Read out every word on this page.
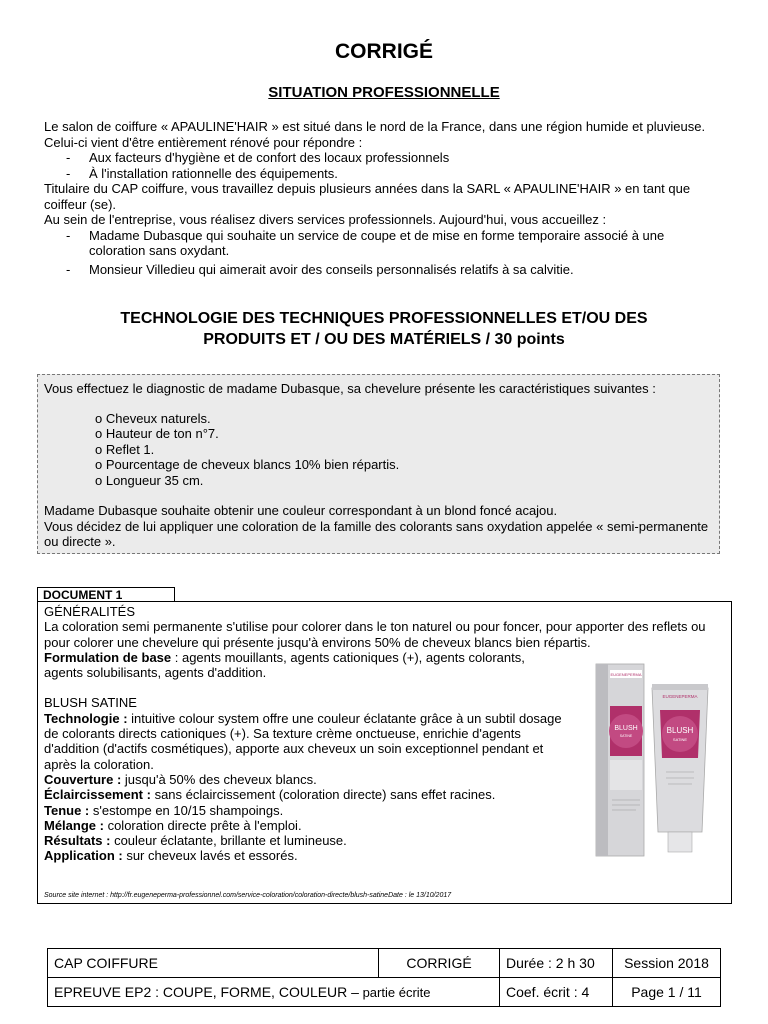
CORRIGÉ
SITUATION PROFESSIONNELLE

Le salon de coiffure « APAULINE'HAIR » est situé dans le nord de la France, dans une région humide et pluvieuse. Celui-ci vient d'être entièrement rénové pour répondre :

- Aux facteurs d'hygiène et de confort des locaux professionnels
- À l'installation rationnelle des équipements.

Titulaire du CAP coiffure, vous travaillez depuis plusieurs années dans la SARL « APAULINE'HAIR » en tant que coiffeur (se).

Au sein de l'entreprise, vous réalisez divers services professionnels. Aujourd'hui, vous accueillez :

- Madame Dubasque qui souhaite un service de coupe et de mise en forme temporaire associé à une coloration sans oxydant.
- Monsieur Villedieu qui aimerait avoir des conseils personnalisés relatifs à sa calvitie.
TECHNOLOGIE DES TECHNIQUES PROFESSIONNELLES ET/OU DES
PRODUITS ET / OU DES MATÉRIELS / 30 points

Vous effectuez le diagnostic de madame Dubasque, sa chevelure présente les caractéristiques suivantes :

o Cheveux naturels.
o Hauteur de ton n°7.
o Reflet 1.
o Pourcentage de cheveux blancs 10% bien répartis.
o Longueur 35 cm.

Madame Dubasque souhaite obtenir une couleur correspondant à un blond foncé acajou.

Vous décidez de lui appliquer une coloration de la famille des colorants sans oxydation appelée « semi-permanente ou directe ».

DOCUMENT 1

GÉNÉRALITÉS

La coloration semi permanente s'utilise pour colorer dans le ton naturel ou pour foncer, pour apporter des reflets ou pour colorer une chevelure qui présente jusqu'à environs 50% de cheveux blancs bien répartis.

Formulation de base : agents mouillants, agents cationiques (+), agents colorants, agents solubilisants, agents d'addition.

BLUSH SATINE

Technologie : intuitive colour system offre une couleur éclatante grâce à un subtil dosage de colorants directs cationiques (+). Sa texture crème onctueuse, enrichie d'agents d'addition (d'actifs cosmétiques), apporte aux cheveux un soin exceptionnel pendant et après la coloration.

Couverture : jusqu'à 50% des cheveux blancs.

Éclaircissement : sans éclaircissement (coloration directe) sans effet racines.

Tenue : s'estompe en 10/15 shampoings.

Mélange : coloration directe prête à l'emploi.

Résultats : couleur éclatante, brillante et lumineuse.

Application : sur cheveux lavés et essorés.

Source site internet : http://fr.eugeneperma-professionnel.com/service-coloration/coloration-directe/blush-satineDate : le 13/10/2017
EUGENEPERMA
BLUSH
SATINE
EUGENEPERMA
BLUSH
SATINE
CAP COIFFURE	CORRIGÉ	Durée : 2 h 30	Session 2018
EPREUVE EP2 : COUPE, FORME, COULEUR – partie écrite		Coef. écrit : 4	Page 1 / 11
